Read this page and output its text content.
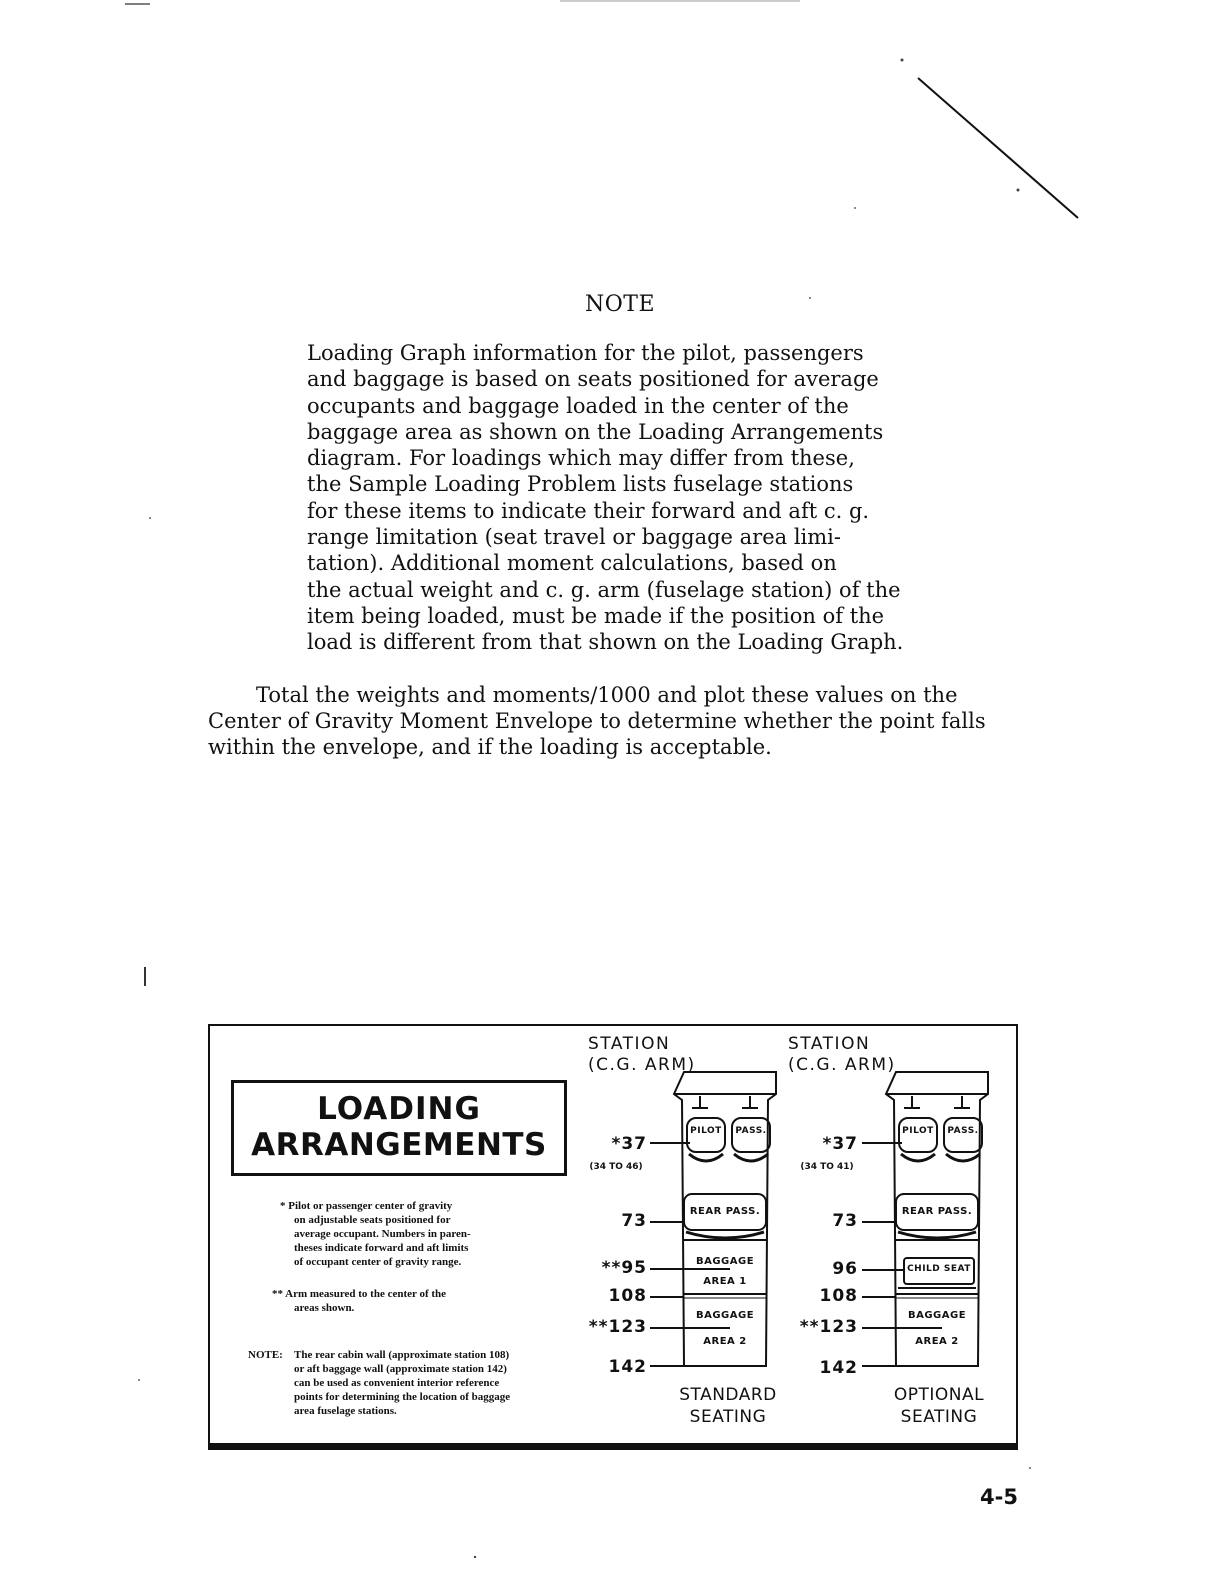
NOTE
Loading Graph information for the pilot, passengers
and baggage is based on seats positioned for average
occupants and baggage loaded in the center of the
baggage area as shown on the Loading Arrangements
diagram. For loadings which may differ from these,
the Sample Loading Problem lists fuselage stations
for these items to indicate their forward and aft c. g.
range limitation (seat travel or baggage area limi-
tation). Additional moment calculations, based on
the actual weight and c. g. arm (fuselage station) of the
item being loaded, must be made if the position of the
load is different from that shown on the Loading Graph.
Total the weights and moments/1000 and plot these values on the
Center of Gravity Moment Envelope to determine whether the point falls
within the envelope, and if the loading is acceptable.
LOADING
ARRANGEMENTS
* Pilot or passenger center of gravity
on adjustable seats positioned for
average occupant. Numbers in paren-
theses indicate forward and aft limits
of occupant center of gravity range.
** Arm measured to the center of the
areas shown.
NOTE: The rear cabin wall (approximate station 108)
or aft baggage wall (approximate station 142)
can be used as convenient interior reference
points for determining the location of baggage
area fuselage stations.
STATION
(C.G. ARM)
*37
(34 TO 46)
73
**95
108
**123
142
PILOT PASS.
REAR PASS.
BAGGAGE
AREA 1
BAGGAGE
AREA 2
STANDARD
SEATING
STATION
(C.G. ARM)
*37
(34 TO 41)
73
96
108
**123
142
PILOT PASS.
REAR PASS.
CHILD SEAT
BAGGAGE
AREA 2
OPTIONAL
SEATING
4-5
